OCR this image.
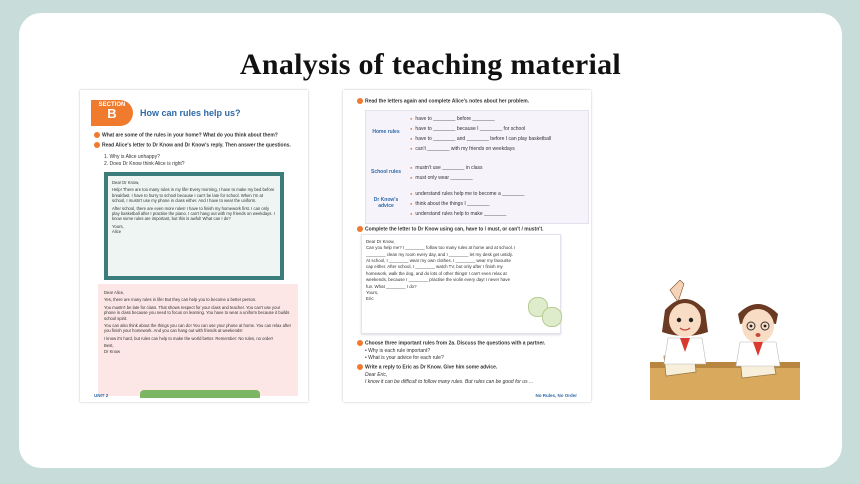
Analysis of teaching material
SECTION
B	How can rules help us?
What are some of the rules in your home? What do you think about them?
Read Alice's letter to Dr Know and Dr Know's reply. Then answer the questions.
1. Why is Alice unhappy?
2. Does Dr Know think Alice is right?
Dear Dr Know,
Help! There are too many rules in my life! Every morning, I have to make my bed before breakfast. I have to hurry to school because I can't be late for school. When I'm at school, I mustn't use my phone in class either. And I have to wear the uniform.
After school, there are even more rules! I have to finish my homework first. I can only play basketball after I practise the piano. I can't hang out with my friends on weekdays. I know some rules are important, but this is awful! What can I do?
Yours,
Alice
Dear Alice,
Yes, there are many rules in life! But they can help you to become a better person.
You mustn't be late for class. That shows respect for your class and teacher. You can't use your phone in class because you need to focus on learning. You have to wear a uniform because it builds school spirit.
You can also think about the things you can do! You can use your phone at home. You can relax after you finish your homework. And you can hang out with friends at weekends!
I know it's hard, but rules can help to make the world better. Remember: No rules, no order!
Best,
Dr Know
UNIT 2
Read the letters again and complete Alice's notes about her problem.
Home rules
● have to ________ before ________
● have to ________ because I ________ for school
● have to ________ and ________ before I can play basketball
● can't ________ with my friends on weekdays
School rules
● mustn't use ________ in class
● must only wear ________
Dr Know's advice
● understand rules help me to become a ________
● think about the things I ________
● understand rules help to make ________
Complete the letter to Dr Know using can, have to / must, or can't / mustn't.
Dear Dr Know,
Can you help me? I ________ follow too many rules at home and at school. I ________ clean my room every day, and I ________ let my desk get untidy. At school, I ________ wear my own clothes. I ________ wear my favourite cap either. After school, I ________ watch TV, but only after I finish my homework, walk the dog, and do lots of other things! I can't even relax at weekends, because I ________ practise the violin every day! I never have fun. What ________ I do?
Yours,
Eric
Choose three important rules from 2a. Discuss the questions with a partner.
• Why is each rule important?
• What is your advice for each rule?
Write a reply to Eric as Dr Know. Give him some advice.
Dear Eric,
I know it can be difficult to follow many rules. But rules can be good for us ...
No Rules, No Order
